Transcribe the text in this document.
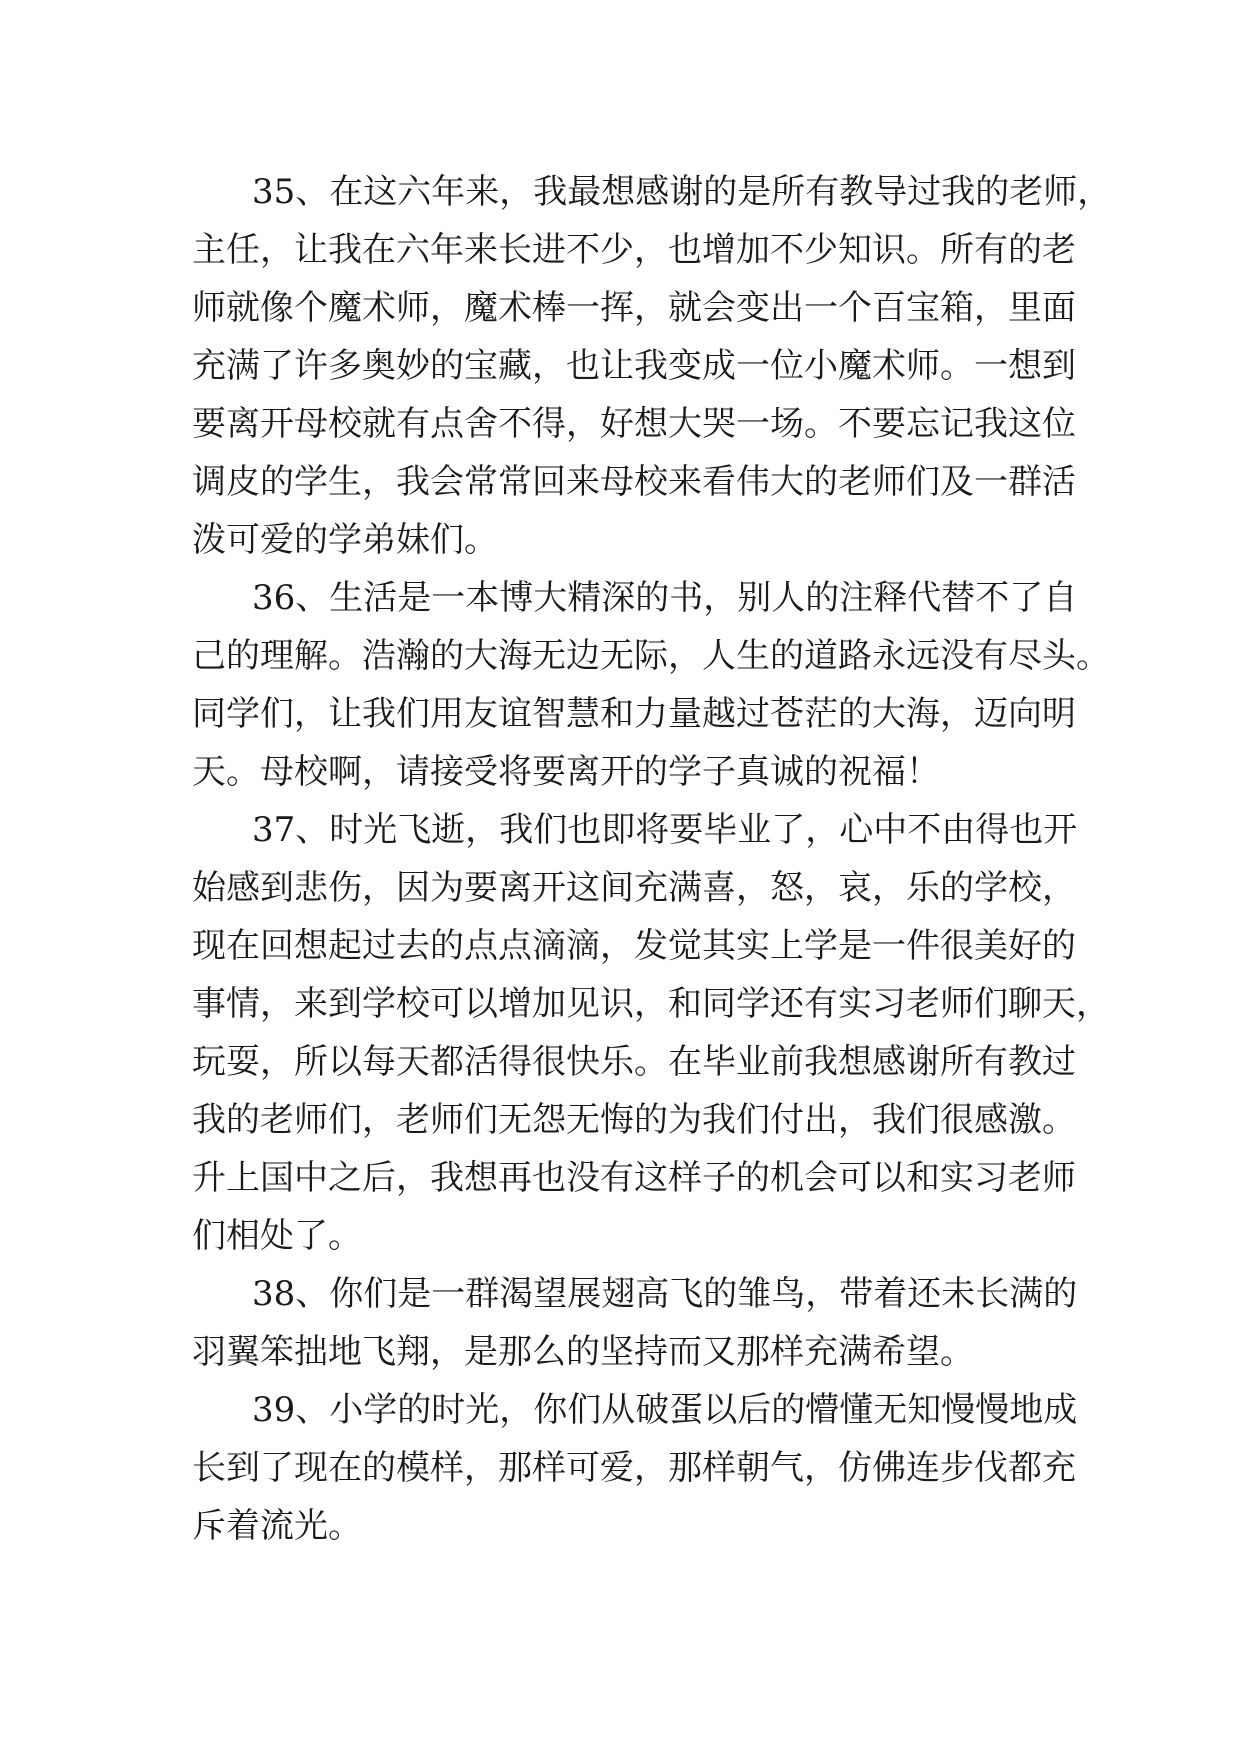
35、在这六年来，我最想感谢的是所有教导过我的老师，
主任，让我在六年来长进不少，也增加不少知识。所有的老
师就像个魔术师，魔术棒一挥，就会变出一个百宝箱，里面
充满了许多奥妙的宝藏，也让我变成一位小魔术师。一想到
要离开母校就有点舍不得，好想大哭一场。不要忘记我这位
调皮的学生，我会常常回来母校来看伟大的老师们及一群活
泼可爱的学弟妹们。
36、生活是一本博大精深的书，别人的注释代替不了自
己的理解。浩瀚的大海无边无际，人生的道路永远没有尽头。
同学们，让我们用友谊智慧和力量越过苍茫的大海，迈向明
天。母校啊，请接受将要离开的学子真诚的祝福！
37、时光飞逝，我们也即将要毕业了，心中不由得也开
始感到悲伤，因为要离开这间充满喜，怒，哀，乐的学校，
现在回想起过去的点点滴滴，发觉其实上学是一件很美好的
事情，来到学校可以增加见识，和同学还有实习老师们聊天，
玩耍，所以每天都活得很快乐。在毕业前我想感谢所有教过
我的老师们，老师们无怨无悔的为我们付出，我们很感激。
升上国中之后，我想再也没有这样子的机会可以和实习老师
们相处了。
38、你们是一群渴望展翅高飞的雏鸟，带着还未长满的
羽翼笨拙地飞翔，是那么的坚持而又那样充满希望。
39、小学的时光，你们从破蛋以后的懵懂无知慢慢地成
长到了现在的模样，那样可爱，那样朝气，仿佛连步伐都充
斥着流光。
